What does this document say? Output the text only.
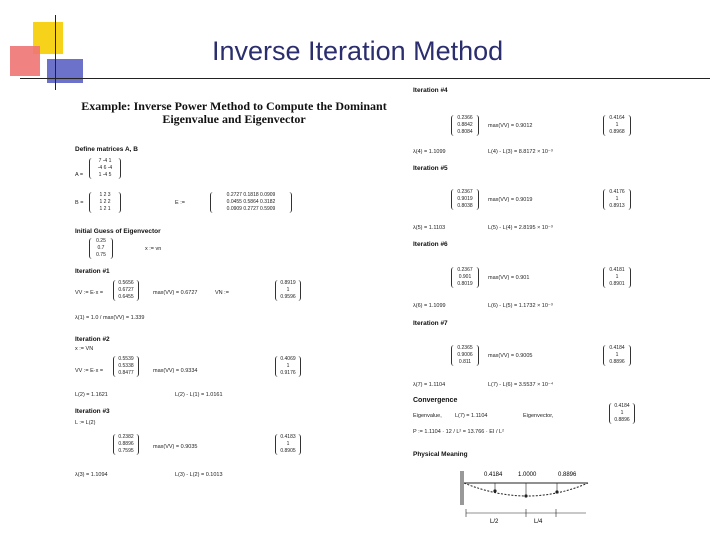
Inverse Iteration Method
Example: Inverse Power Method to Compute the Dominant
Eigenvalue and Eigenvector
Define matrices A, B
A =
7 -4 1
-4 6 -4
1 -4 5
B =
1 2 3
1 2 2
1 2 1
E :=
0.2727 0.1818 0.0909
0.0455 0.5864 0.3182
0.0909 0.2727 0.5909
Initial Guess of Eigenvector
0.25
0.7
0.75
x := vn
Iteration #1
VV := E·x =
0.5656
0.6727
0.6455
max(VV) = 0.6727	VN :=
0.8919
1
0.9596
λ(1) = 1.0 / max(VV) = 1.339
Iteration #2
x := VN
VV := E·x =
0.5539
0.5338
0.8477	max(VV) = 0.9334
0.4069
1
0.9176
L(2) = 1.1621	L(2) - L(1) = 1.0161
Iteration #3
L := L(2)
0.2382
0.8896
0.7595
max(VV) = 0.9035
0.4183
1
0.8905
λ(3) = 1.1094	L(3) - L(2) = 0.1013
Iteration #4
0.2366
0.8842
0.8084
max(VV) = 0.9012
0.4164
1
0.8968
λ(4) = 1.1099	L(4) - L(3) = 8.8172 × 10⁻³
Iteration #5
0.2367
0.9019
0.8038
max(VV) = 0.9019
0.4176
1
0.8913
λ(5) = 1.1103	L(5) - L(4) = 2.8195 × 10⁻³
Iteration #6
0.2367
0.901
0.8019
max(VV) = 0.901
0.4181
1
0.8901
λ(6) = 1.1099	L(6) - L(5) = 1.1732 × 10⁻³
Iteration #7
0.2365
0.9006
0.811
max(VV) = 0.9005
0.4184
1
0.8896
λ(7) = 1.1104	L(7) - L(6) = 3.5537 × 10⁻⁴
Convergence
Eigenvalue, L(7) = 1.1104	Eigenvector,
0.4184
1
0.8896
P := 1.1104 · 12 / L² = 13.766 · EI / L²
Physical Meaning
0.4184	1.0000	0.8896
L/2	L/4
